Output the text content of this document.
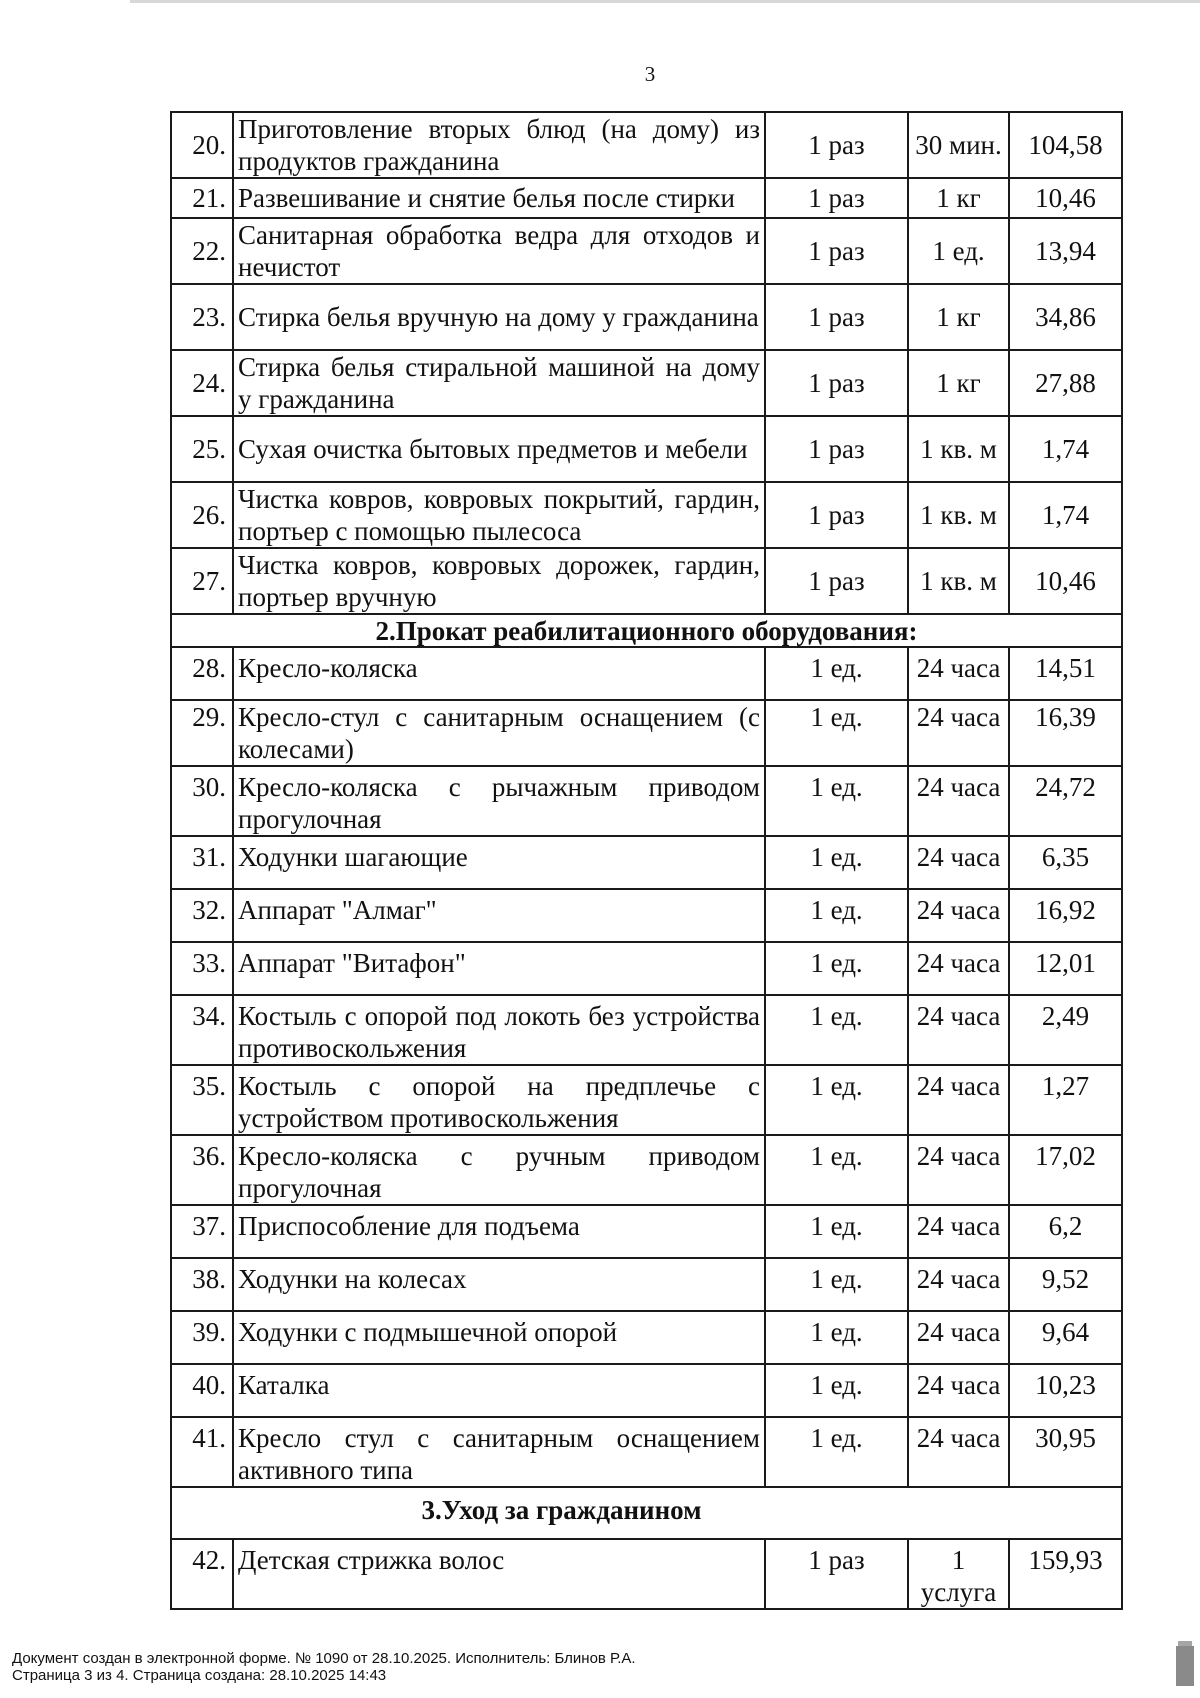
3
20.	Приготовление вторых блюд (на дому) из продуктов гражданина	1 раз	30 мин.	104,58
21.	Развешивание и снятие белья после стирки	1 раз	1 кг	10,46
22.	Санитарная обработка ведра для отходов и нечистот	1 раз	1 ед.	13,94
23.	Стирка белья вручную на дому у гражданина	1 раз	1 кг	34,86
24.	Стирка белья стиральной машиной на дому у гражданина	1 раз	1 кг	27,88
25.	Сухая очистка бытовых предметов и мебели	1 раз	1 кв. м	1,74
26.	Чистка ковров, ковровых покрытий, гардин, портьер с помощью пылесоса	1 раз	1 кв. м	1,74
27.	Чистка ковров, ковровых дорожек, гардин, портьер вручную	1 раз	1 кв. м	10,46
2.Прокат реабилитационного оборудования:				
28.	Кресло-коляска	1 ед.	24 часа	14,51
29.	Кресло-стул с санитарным оснащением (с колесами)	1 ед.	24 часа	16,39
30.	Кресло-коляска с рычажным приводом прогулочная	1 ед.	24 часа	24,72
31.	Ходунки шагающие	1 ед.	24 часа	6,35
32.	Аппарат "Алмаг"	1 ед.	24 часа	16,92
33.	Аппарат "Витафон"	1 ед.	24 часа	12,01
34.	Костыль с опорой под локоть без устройства противоскольжения	1 ед.	24 часа	2,49
35.	Костыль с опорой на предплечье с устройством противоскольжения	1 ед.	24 часа	1,27
36.	Кресло-коляска с ручным приводом прогулочная	1 ед.	24 часа	17,02
37.	Приспособление для подъема	1 ед.	24 часа	6,2
38.	Ходунки на колесах	1 ед.	24 часа	9,52
39.	Ходунки с подмышечной опорой	1 ед.	24 часа	9,64
40.	Каталка	1 ед.	24 часа	10,23
41.	Кресло стул с санитарным оснащением активного типа	1 ед.	24 часа	30,95
3.Уход за гражданином				
42.	Детская стрижка волос	1 раз	1 услуга	159,93

Документ создан в электронной форме. № 1090 от 28.10.2025. Исполнитель: Блинов Р.А.

Страница 3 из 4. Страница создана: 28.10.2025 14:43
